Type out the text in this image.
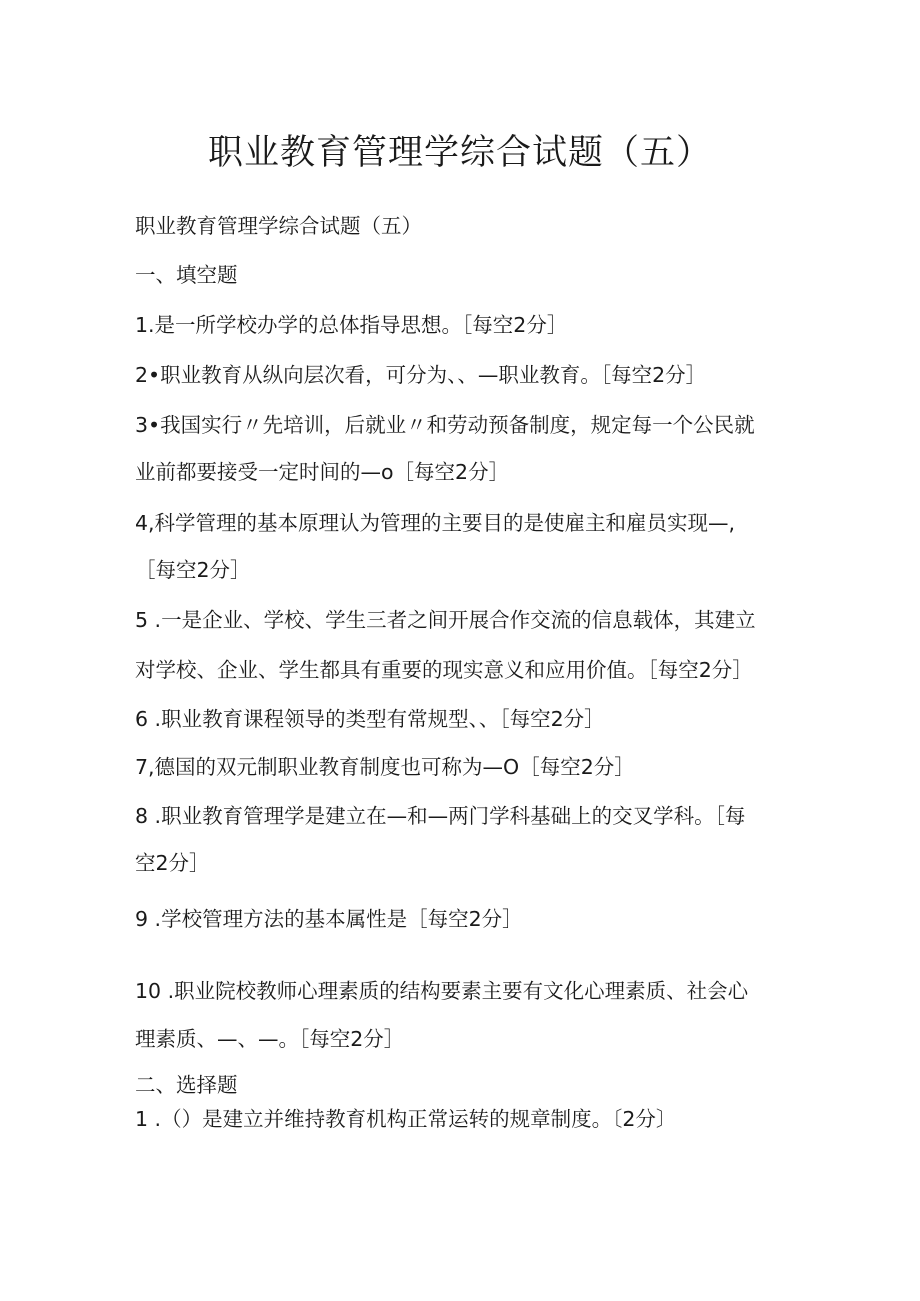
职业教育管理学综合试题（五）
职业教育管理学综合试题（五）
一、填空题
1.是一所学校办学的总体指导思想。［每空2分］
2•职业教育从纵向层次看，可分为、、—职业教育。［每空2分］
3•我国实行〃先培训，后就业〃和劳动预备制度，规定每一个公民就
业前都要接受一定时间的—o［每空2分］
4,科学管理的基本原理认为管理的主要目的是使雇主和雇员实现—,
［每空2分］
5 .一是企业、学校、学生三者之间开展合作交流的信息载体，其建立
对学校、企业、学生都具有重要的现实意义和应用价值。［每空2分］
6 .职业教育课程领导的类型有常规型、、［每空2分］
7,德国的双元制职业教育制度也可称为—O［每空2分］
8 .职业教育管理学是建立在—和—两门学科基础上的交叉学科。［每
空2分］
9 .学校管理方法的基本属性是［每空2分］
10 .职业院校教师心理素质的结构要素主要有文化心理素质、社会心
理素质、—、—。［每空2分］
二、选择题
1 .（）是建立并维持教育机构正常运转的规章制度。〔2分〕
